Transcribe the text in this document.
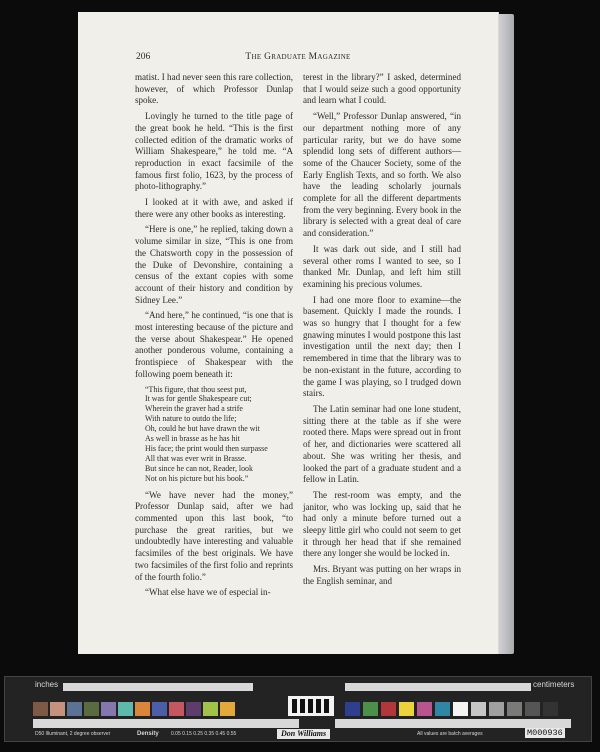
206	The Graduate Magazine

matist. I had never seen this rare collection, however, of which Professor Dunlap spoke.

Lovingly he turned to the title page of the great book he held. “This is the first collected edition of the dramatic works of William Shakespeare,” he told me. “A reproduction in exact facsimile of the famous first folio, 1623, by the process of photo-lithography.”

I looked at it with awe, and asked if there were any other books as interesting.

“Here is one,” he replied, taking down a volume similar in size, “This is one from the Chatsworth copy in the possession of the Duke of Devonshire, containing a census of the extant copies with some account of their history and condition by Sidney Lee.”

“And here,” he continued, “is one that is most interesting because of the picture and the verse about Shakespear.” He opened another ponderous volume, containing a frontispiece of Shakespear with the following poem beneath it:

“This figure, that thou seest put,
It was for gentle Shakespeare cut;
Wherein the graver had a strife
With nature to outdo the life;
Oh, could he but have drawn the wit
As well in brasse as he has hit
His face; the print would then surpasse
All that was ever writ in Brasse.
But since he can not, Reader, look
Not on his picture but his book.”

“We have never had the money,” Professor Dunlap said, after we had commented upon this last book, “to purchase the great rarities, but we undoubtedly have interesting and valuable facsimiles of the best originals. We have two facsimiles of the first folio and reprints of the fourth folio.”

“What else have we of especial in-

terest in the library?” I asked, determined that I would seize such a good opportunity and learn what I could.

“Well,” Professor Dunlap answered, “in our department nothing more of any particular rarity, but we do have some splendid long sets of different authors—some of the Chaucer Society, some of the Early English Texts, and so forth. We also have the leading scholarly journals complete for all the different departments from the very beginning. Every book in the library is selected with a great deal of care and consideration.”

It was dark out side, and I still had several other roms I wanted to see, so I thanked Mr. Dunlap, and left him still examining his precious volumes.

I had one more floor to examine—the basement. Quickly I made the rounds. I was so hungry that I thought for a few gnawing minutes I would postpone this last investigation until the next day; then I remembered in time that the library was to be non-existant in the future, according to the game I was playing, so I trudged down stairs.

The Latin seminar had one lone student, sitting there at the table as if she were rooted there. Maps were spread out in front of her, and dictionaries were scattered all about. She was writing her thesis, and looked the part of a graduate student and a fellow in Latin.

The rest-room was empty, and the janitor, who was locking up, said that he had only a minute before turned out a sleepy little girl who could not seem to get it through her head that if she remained there any longer she would be locked in.

Mrs. Bryant was putting on her wraps in the English seminar, and

inches	centimeters
D50 Illuminant, 2 degree observer	Density 0.05 0.15 0.25 0.35 0.45 0.55	Don Williams	All values are batch averages	M000936
